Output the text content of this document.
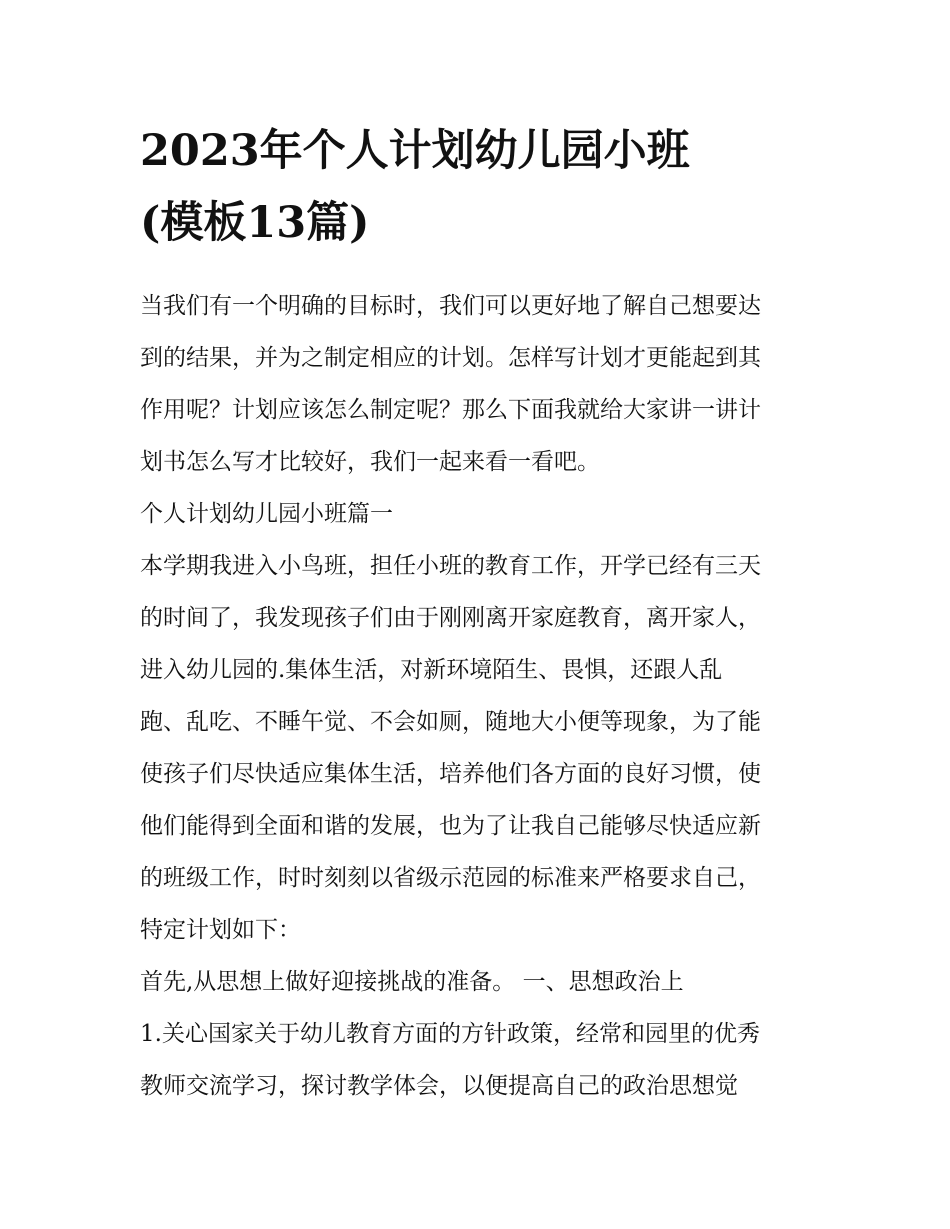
2023年个人计划幼儿园小班
(模板13篇)
当我们有一个明确的目标时，我们可以更好地了解自己想要达
到的结果，并为之制定相应的计划。怎样写计划才更能起到其
作用呢？计划应该怎么制定呢？那么下面我就给大家讲一讲计
划书怎么写才比较好，我们一起来看一看吧。
个人计划幼儿园小班篇一
本学期我进入小鸟班，担任小班的教育工作，开学已经有三天
的时间了，我发现孩子们由于刚刚离开家庭教育，离开家人，
进入幼儿园的.集体生活，对新环境陌生、畏惧，还跟人乱
跑、乱吃、不睡午觉、不会如厕，随地大小便等现象，为了能
使孩子们尽快适应集体生活，培养他们各方面的良好习惯，使
他们能得到全面和谐的发展，也为了让我自己能够尽快适应新
的班级工作，时时刻刻以省级示范园的标准来严格要求自己，
特定计划如下：
首先,从思想上做好迎接挑战的准备。 一、思想政治上
1.关心国家关于幼儿教育方面的方针政策，经常和园里的优秀
教师交流学习，探讨教学体会，以便提高自己的政治思想觉
